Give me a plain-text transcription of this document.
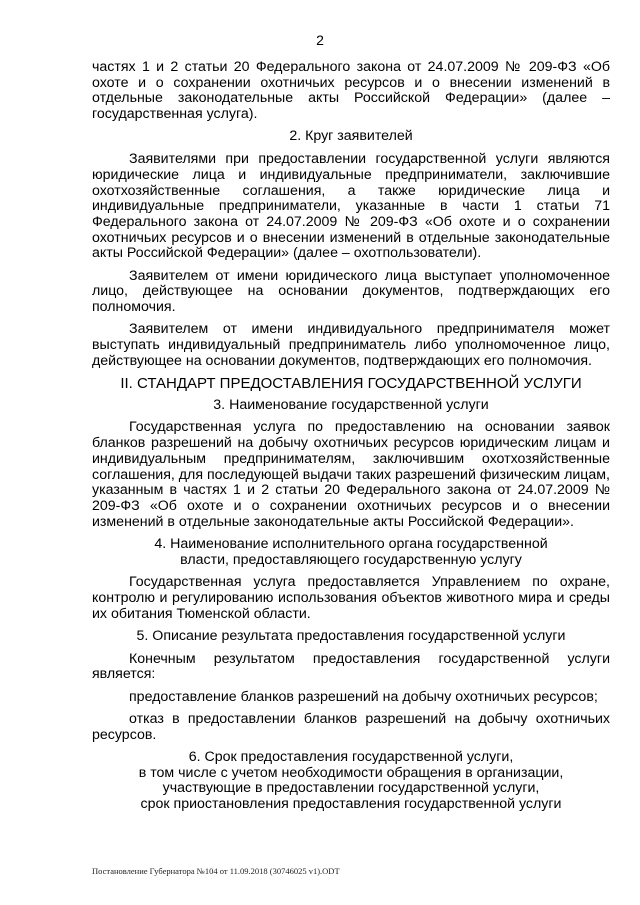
2

частях 1 и 2 статьи 20 Федерального закона от 24.07.2009 № 209-ФЗ «Об охоте и о сохранении охотничьих ресурсов и о внесении изменений в отдельные законодательные акты Российской Федерации» (далее – государственная услуга).

2. Круг заявителей

Заявителями при предоставлении государственной услуги являются юридические лица и индивидуальные предприниматели, заключившие охотхозяйственные соглашения, а также юридические лица и индивидуальные предприниматели, указанные в части 1 статьи 71 Федерального закона от 24.07.2009 № 209-ФЗ «Об охоте и о сохранении охотничьих ресурсов и о внесении изменений в отдельные законодательные акты Российской Федерации» (далее – охотпользователи).

Заявителем от имени юридического лица выступает уполномоченное лицо, действующее на основании документов, подтверждающих его полномочия.

Заявителем от имени индивидуального предпринимателя может выступать индивидуальный предприниматель либо уполномоченное лицо, действующее на основании документов, подтверждающих его полномочия.

II. СТАНДАРТ ПРЕДОСТАВЛЕНИЯ ГОСУДАРСТВЕННОЙ УСЛУГИ
3. Наименование государственной услуги

Государственная услуга по предоставлению на основании заявок бланков разрешений на добычу охотничьих ресурсов юридическим лицам и индивидуальным предпринимателям, заключившим охотхозяйственные соглашения, для последующей выдачи таких разрешений физическим лицам, указанным в частях 1 и 2 статьи 20 Федерального закона от 24.07.2009 № 209-ФЗ «Об охоте и о сохранении охотничьих ресурсов и о внесении изменений в отдельные законодательные акты Российской Федерации».

4. Наименование исполнительного органа государственной
власти, предоставляющего государственную услугу

Государственная услуга предоставляется Управлением по охране, контролю и регулированию использования объектов животного мира и среды их обитания Тюменской области.

5. Описание результата предоставления государственной услуги

Конечным результатом предоставления государственной услуги является:

предоставление бланков разрешений на добычу охотничьих ресурсов;

отказ в предоставлении бланков разрешений на добычу охотничьих ресурсов.

6. Срок предоставления государственной услуги,
в том числе с учетом необходимости обращения в организации,
участвующие в предоставлении государственной услуги,
срок приостановления предоставления государственной услуги
Постановление Губернатора №104 от 11.09.2018 (30746025 v1).ODT
